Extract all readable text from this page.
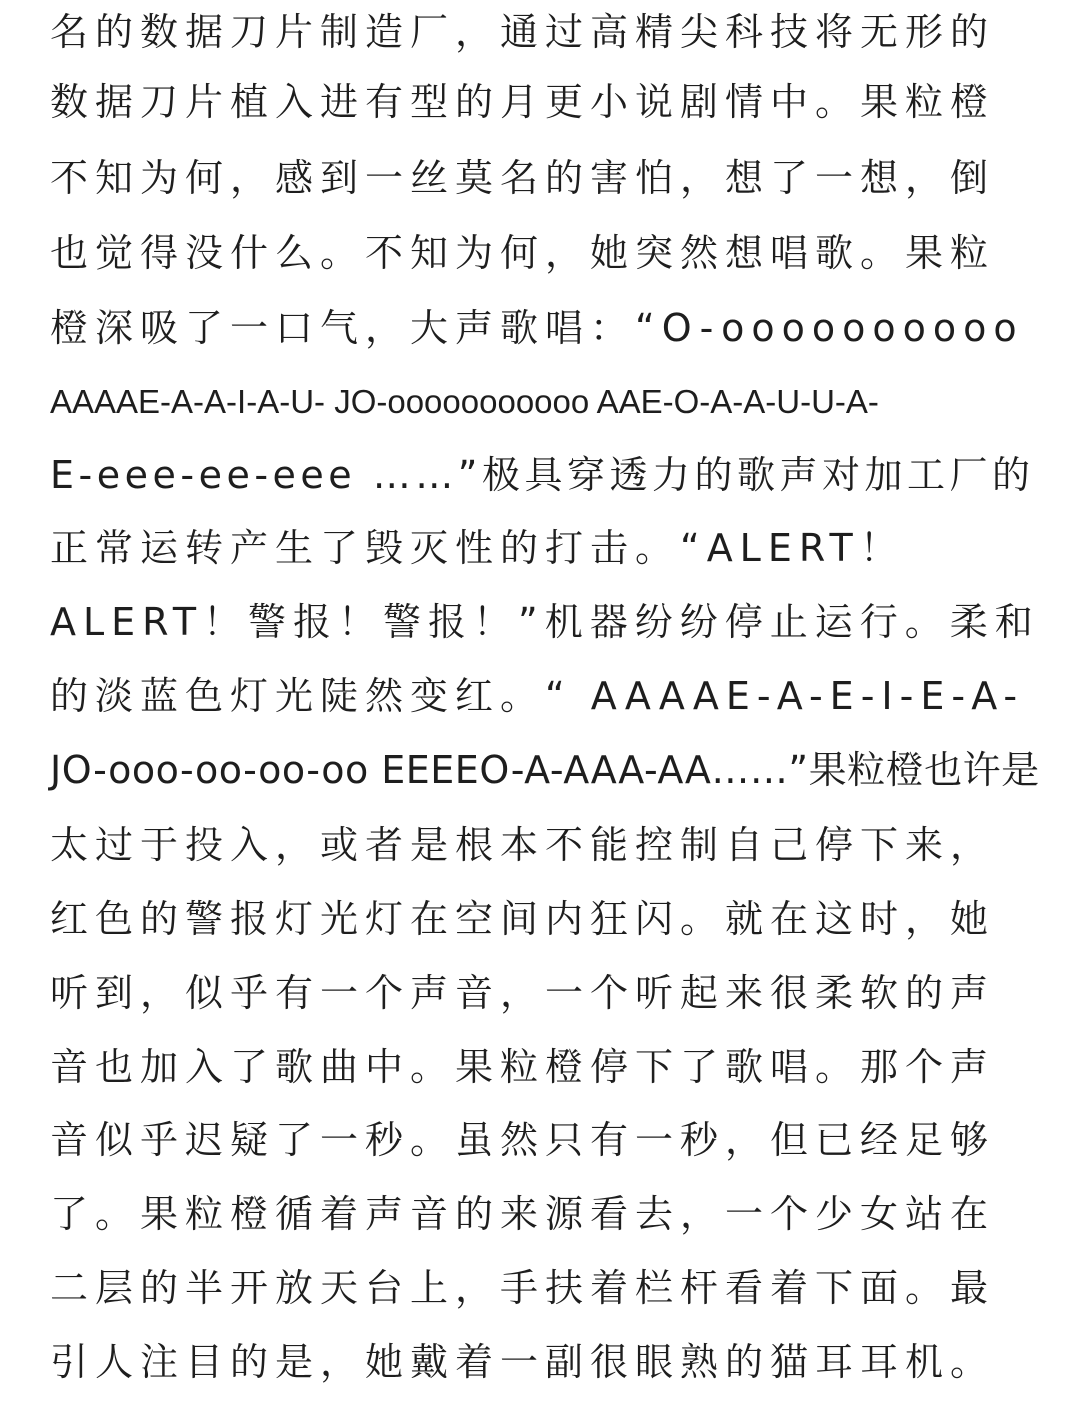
名的数据刀片制造厂，通过高精尖科技将无形的
数据刀片植入进有型的月更小说剧情中。果粒橙
不知为何，感到一丝莫名的害怕，想了一想，倒
也觉得没什么。不知为何，她突然想唱歌。果粒
橙深吸了一口气，大声歌唱：“O-oooooooooo
AAAAE-A-A-I-A-U- JO-ooooooooooo AAE-O-A-A-U-U-A-
E-eee-ee-eee ……”极具穿透力的歌声对加工厂的
正常运转产生了毁灭性的打击。“ALERT！
ALERT！警报！警报！”机器纷纷停止运行。柔和
的淡蓝色灯光陡然变红。“ AAAAE-A-E-I-E-A-
JO-ooo-oo-oo-oo EEEEO-A-AAA-AA……”果粒橙也许是
太过于投入，或者是根本不能控制自己停下来，
红色的警报灯光灯在空间内狂闪。就在这时，她
听到，似乎有一个声音，一个听起来很柔软的声
音也加入了歌曲中。果粒橙停下了歌唱。那个声
音似乎迟疑了一秒。虽然只有一秒，但已经足够
了。果粒橙循着声音的来源看去，一个少女站在
二层的半开放天台上，手扶着栏杆看着下面。最
引人注目的是，她戴着一副很眼熟的猫耳耳机。
